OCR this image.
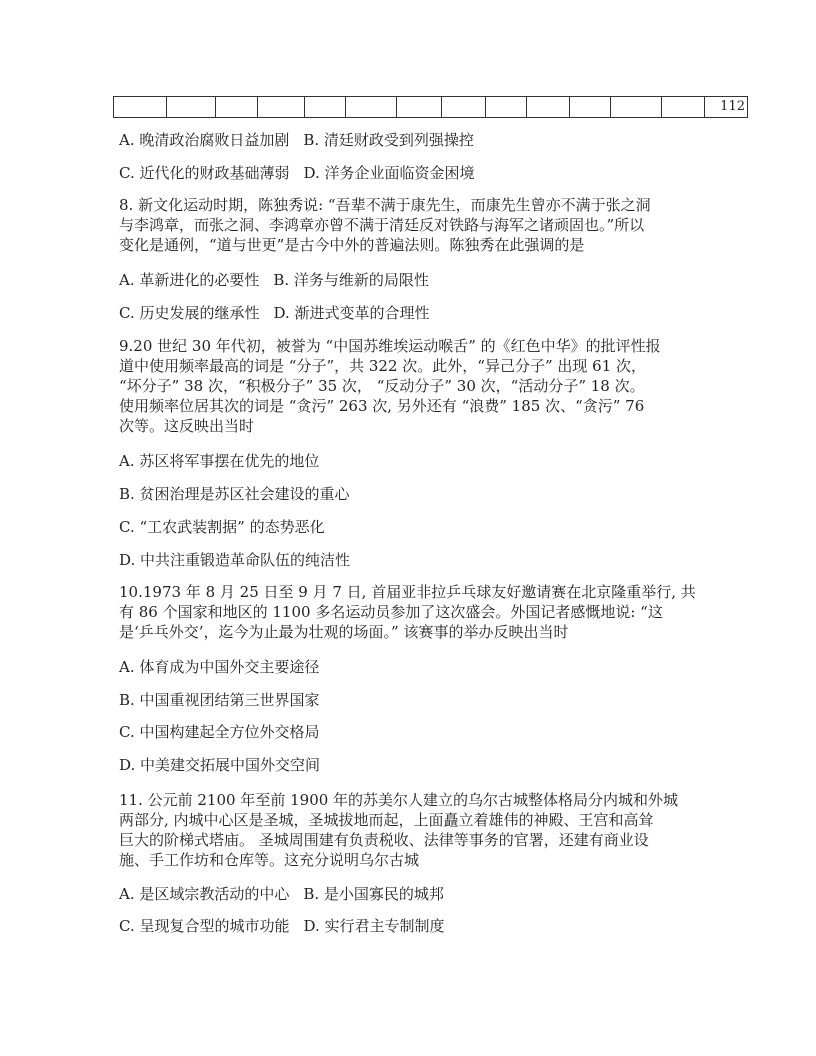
													112
A. 晚清政治腐败日益加剧 B. 清廷财政受到列强操控
C. 近代化的财政基础薄弱 D. 洋务企业面临资金困境
8. 新文化运动时期，陈独秀说: “吾辈不满于康先生，而康先生曾亦不满于张之洞
与李鸿章，而张之洞、李鸿章亦曾不满于清廷反对铁路与海军之诸顽固也。”所以
变化是通例，“道与世更”是古今中外的普遍法则。陈独秀在此强调的是
A. 革新进化的必要性 B. 洋务与维新的局限性
C. 历史发展的继承性 D. 渐进式变革的合理性
9.20 世纪 30 年代初，被誉为 “中国苏维埃运动喉舌” 的《红色中华》的批评性报
道中使用频率最高的词是 “分子”，共 322 次。此外，“异己分子” 出现 61 次，
“坏分子” 38 次，“积极分子” 35 次， “反动分子” 30 次，“活动分子” 18 次。
使用频率位居其次的词是 “贪污” 263 次, 另外还有 “浪费” 185 次、“贪污” 76
次等。这反映出当时
A. 苏区将军事摆在优先的地位
B. 贫困治理是苏区社会建设的重心
C. “工农武装割据” 的态势恶化
D. 中共注重锻造革命队伍的纯洁性
10.1973 年 8 月 25 日至 9 月 7 日, 首届亚非拉乒乓球友好邀请赛在北京隆重举行, 共
有 86 个国家和地区的 1100 多名运动员参加了这次盛会。外国记者感慨地说: “这
是‘乒乓外交’，迄今为止最为壮观的场面。” 该赛事的举办反映出当时
A. 体育成为中国外交主要途径
B. 中国重视团结第三世界国家
C. 中国构建起全方位外交格局
D. 中美建交拓展中国外交空间
11. 公元前 2100 年至前 1900 年的苏美尔人建立的乌尔古城整体格局分内城和外城
两部分, 内城中心区是圣城，圣城拔地而起，上面矗立着雄伟的神殿、王宫和高耸
巨大的阶梯式塔庙。 圣城周围建有负责税收、法律等事务的官署，还建有商业设
施、手工作坊和仓库等。这充分说明乌尔古城
A. 是区域宗教活动的中心 B. 是小国寡民的城邦
C. 呈现复合型的城市功能 D. 实行君主专制制度
